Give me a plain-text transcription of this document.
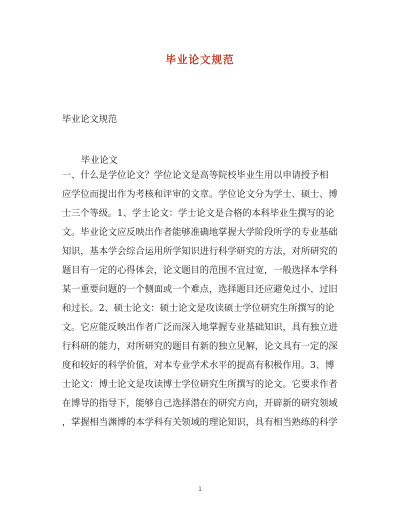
毕业论文规范
毕业论文规范
毕业论文
一、什么是学位论文？学位论文是高等院校毕业生用以申请授予相
应学位而提出作为考核和评审的文章。学位论文分为学士、硕士、博
士三个等级。1、学士论文：学士论文是合格的本科毕业生撰写的论
文。毕业论文应反映出作者能够准确地掌握大学阶段所学的专业基础
知识，基本学会综合运用所学知识进行科学研究的方法，对所研究的
题目有一定的心得体会，论文题目的范围不宜过宽，一般选择本学科
某一重要问题的一个侧面或一个难点，选择题目还应避免过小、过旧
和过长。2、硕士论文：硕士论文是攻读硕士学位研究生所撰写的论
文。它应能反映出作者广泛而深入地掌握专业基础知识，具有独立进
行科研的能力，对所研究的题目有新的独立见解，论文具有一定的深
度和较好的科学价值，对本专业学术水平的提高有积极作用。3、博
士论文：博士论文是攻读博士学位研究生所撰写的论文。它要求作者
在博导的指导下，能够自己选择潜在的研究方向，开辟新的研究领域
，掌握相当渊博的本学科有关领域的理论知识，具有相当熟练的科学
1
